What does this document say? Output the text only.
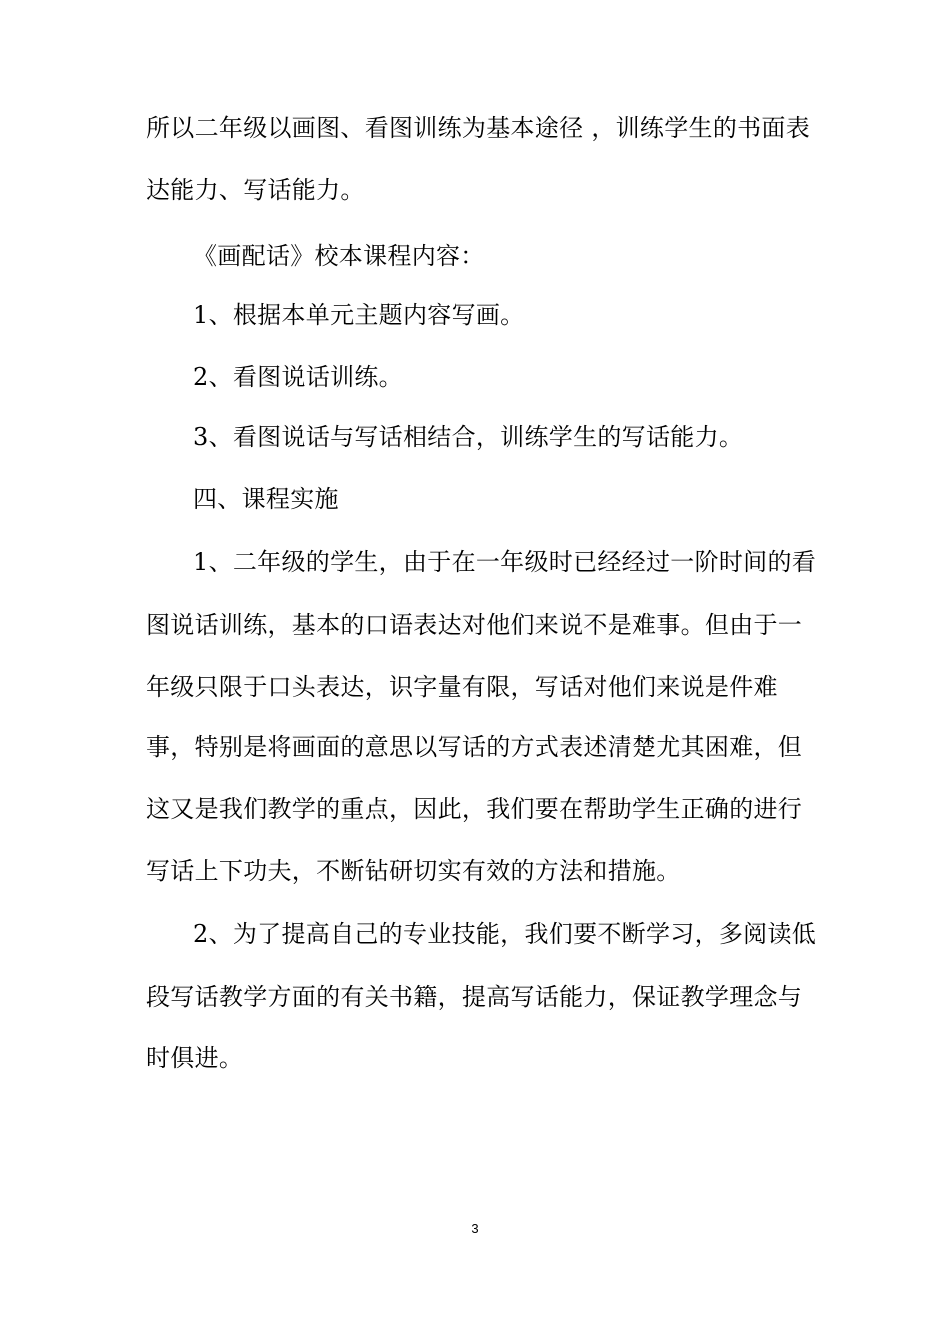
所以二年级以画图、看图训练为基本途径 ，训练学生的书面表
达能力、写话能力。
《画配话》校本课程内容：
1、根据本单元主题内容写画。
2、看图说话训练。
3、看图说话与写话相结合，训练学生的写话能力。
四、课程实施
1、二年级的学生，由于在一年级时已经经过一阶时间的看
图说话训练，基本的口语表达对他们来说不是难事。但由于一
年级只限于口头表达，识字量有限，写话对他们来说是件难
事，特别是将画面的意思以写话的方式表述清楚尤其困难，但
这又是我们教学的重点，因此，我们要在帮助学生正确的进行
写话上下功夫，不断钻研切实有效的方法和措施。
2、为了提高自己的专业技能，我们要不断学习，多阅读低
段写话教学方面的有关书籍，提高写话能力，保证教学理念与
时俱进。
3
